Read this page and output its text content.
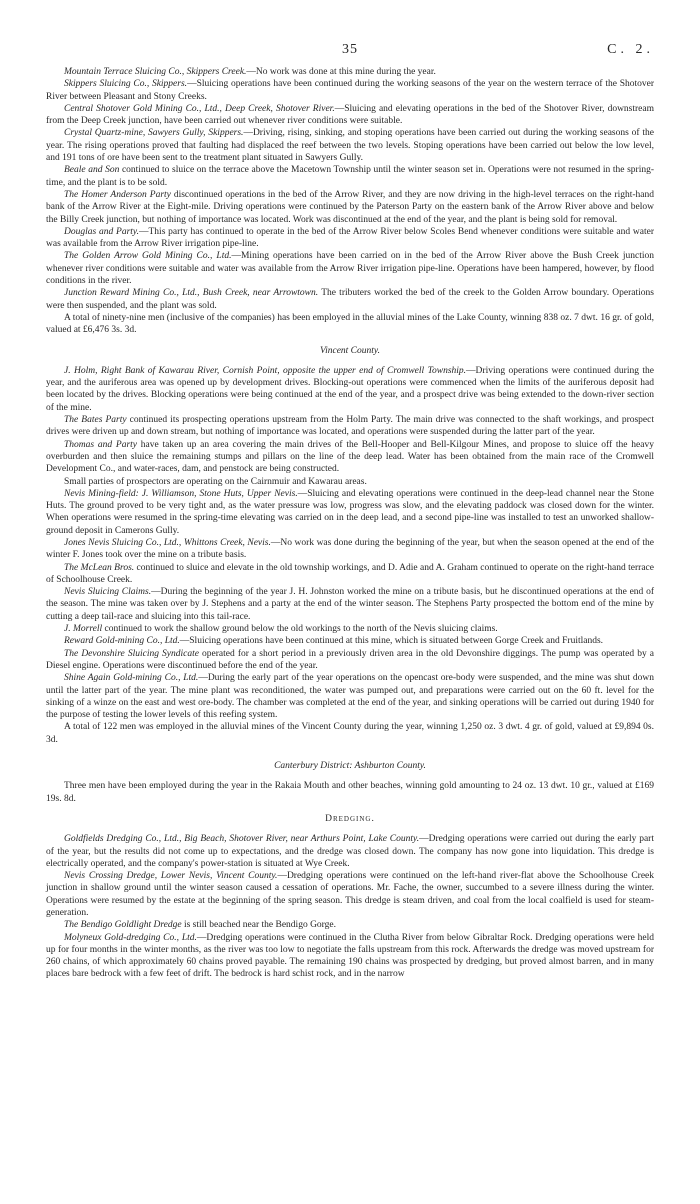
35	C. 2.

Mountain Terrace Sluicing Co., Skippers Creek.—No work was done at this mine during the year.

Skippers Sluicing Co., Skippers.—Sluicing operations have been continued during the working seasons of the year on the western terrace of the Shotover River between Pleasant and Stony Creeks.

Central Shotover Gold Mining Co., Ltd., Deep Creek, Shotover River.—Sluicing and elevating operations in the bed of the Shotover River, downstream from the Deep Creek junction, have been carried out whenever river conditions were suitable.

Crystal Quartz-mine, Sawyers Gully, Skippers.—Driving, rising, sinking, and stoping operations have been carried out during the working seasons of the year. The rising operations proved that faulting had displaced the reef between the two levels. Stoping operations have been carried out below the low level, and 191 tons of ore have been sent to the treatment plant situated in Sawyers Gully.

Beale and Son continued to sluice on the terrace above the Macetown Township until the winter season set in. Operations were not resumed in the spring-time, and the plant is to be sold.

The Homer Anderson Party discontinued operations in the bed of the Arrow River, and they are now driving in the high-level terraces on the right-hand bank of the Arrow River at the Eight-mile. Driving operations were continued by the Paterson Party on the eastern bank of the Arrow River above and below the Billy Creek junction, but nothing of importance was located. Work was discontinued at the end of the year, and the plant is being sold for removal.

Douglas and Party.—This party has continued to operate in the bed of the Arrow River below Scoles Bend whenever conditions were suitable and water was available from the Arrow River irrigation pipe-line.

The Golden Arrow Gold Mining Co., Ltd.—Mining operations have been carried on in the bed of the Arrow River above the Bush Creek junction whenever river conditions were suitable and water was available from the Arrow River irrigation pipe-line. Operations have been hampered, however, by flood conditions in the river.

Junction Reward Mining Co., Ltd., Bush Creek, near Arrowtown. The tributers worked the bed of the creek to the Golden Arrow boundary. Operations were then suspended, and the plant was sold.

A total of ninety-nine men (inclusive of the companies) has been employed in the alluvial mines of the Lake County, winning 838 oz. 7 dwt. 16 gr. of gold, valued at £6,476 3s. 3d.

Vincent County.

J. Holm, Right Bank of Kawarau River, Cornish Point, opposite the upper end of Cromwell Township.—Driving operations were continued during the year, and the auriferous area was opened up by development drives. Blocking-out operations were commenced when the limits of the auriferous deposit had been located by the drives. Blocking operations were being continued at the end of the year, and a prospect drive was being extended to the down-river section of the mine.

The Bates Party continued its prospecting operations upstream from the Holm Party. The main drive was connected to the shaft workings, and prospect drives were driven up and down stream, but nothing of importance was located, and operations were suspended during the latter part of the year.

Thomas and Party have taken up an area covering the main drives of the Bell-Hooper and Bell-Kilgour Mines, and propose to sluice off the heavy overburden and then sluice the remaining stumps and pillars on the line of the deep lead. Water has been obtained from the main race of the Cromwell Development Co., and water-races, dam, and penstock are being constructed.

Small parties of prospectors are operating on the Cairnmuir and Kawarau areas.

Nevis Mining-field: J. Williamson, Stone Huts, Upper Nevis.—Sluicing and elevating operations were continued in the deep-lead channel near the Stone Huts. The ground proved to be very tight and, as the water pressure was low, progress was slow, and the elevating paddock was closed down for the winter. When operations were resumed in the spring-time elevating was carried on in the deep lead, and a second pipe-line was installed to test an unworked shallow-ground deposit in Camerons Gully.

Jones Nevis Sluicing Co., Ltd., Whittons Creek, Nevis.—No work was done during the beginning of the year, but when the season opened at the end of the winter F. Jones took over the mine on a tribute basis.

The McLean Bros. continued to sluice and elevate in the old township workings, and D. Adie and A. Graham continued to operate on the right-hand terrace of Schoolhouse Creek.

Nevis Sluicing Claims.—During the beginning of the year J. H. Johnston worked the mine on a tribute basis, but he discontinued operations at the end of the season. The mine was taken over by J. Stephens and a party at the end of the winter season. The Stephens Party prospected the bottom end of the mine by cutting a deep tail-race and sluicing into this tail-race.

J. Morrell continued to work the shallow ground below the old workings to the north of the Nevis sluicing claims.

Reward Gold-mining Co., Ltd.—Sluicing operations have been continued at this mine, which is situated between Gorge Creek and Fruitlands.

The Devonshire Sluicing Syndicate operated for a short period in a previously driven area in the old Devonshire diggings. The pump was operated by a Diesel engine. Operations were discontinued before the end of the year.

Shine Again Gold-mining Co., Ltd.—During the early part of the year operations on the opencast ore-body were suspended, and the mine was shut down until the latter part of the year. The mine plant was reconditioned, the water was pumped out, and preparations were carried out on the 60 ft. level for the sinking of a winze on the east and west ore-body. The chamber was completed at the end of the year, and sinking operations will be carried out during 1940 for the purpose of testing the lower levels of this reefing system.

A total of 122 men was employed in the alluvial mines of the Vincent County during the year, winning 1,250 oz. 3 dwt. 4 gr. of gold, valued at £9,894 0s. 3d.

Canterbury District: Ashburton County.

Three men have been employed during the year in the Rakaia Mouth and other beaches, winning gold amounting to 24 oz. 13 dwt. 10 gr., valued at £169 19s. 8d.

Dredging.

Goldfields Dredging Co., Ltd., Big Beach, Shotover River, near Arthurs Point, Lake County.—Dredging operations were carried out during the early part of the year, but the results did not come up to expectations, and the dredge was closed down. The company has now gone into liquidation. This dredge is electrically operated, and the company's power-station is situated at Wye Creek.

Nevis Crossing Dredge, Lower Nevis, Vincent County.—Dredging operations were continued on the left-hand river-flat above the Schoolhouse Creek junction in shallow ground until the winter season caused a cessation of operations. Mr. Fache, the owner, succumbed to a severe illness during the winter. Operations were resumed by the estate at the beginning of the spring season. This dredge is steam driven, and coal from the local coalfield is used for steam-generation.

The Bendigo Goldlight Dredge is still beached near the Bendigo Gorge.

Molyneux Gold-dredging Co., Ltd.—Dredging operations were continued in the Clutha River from below Gibraltar Rock. Dredging operations were held up for four months in the winter months, as the river was too low to negotiate the falls upstream from this rock. Afterwards the dredge was moved upstream for 260 chains, of which approximately 60 chains proved payable. The remaining 190 chains was prospected by dredging, but proved almost barren, and in many places bare bedrock with a few feet of drift. The bedrock is hard schist rock, and in the narrow
